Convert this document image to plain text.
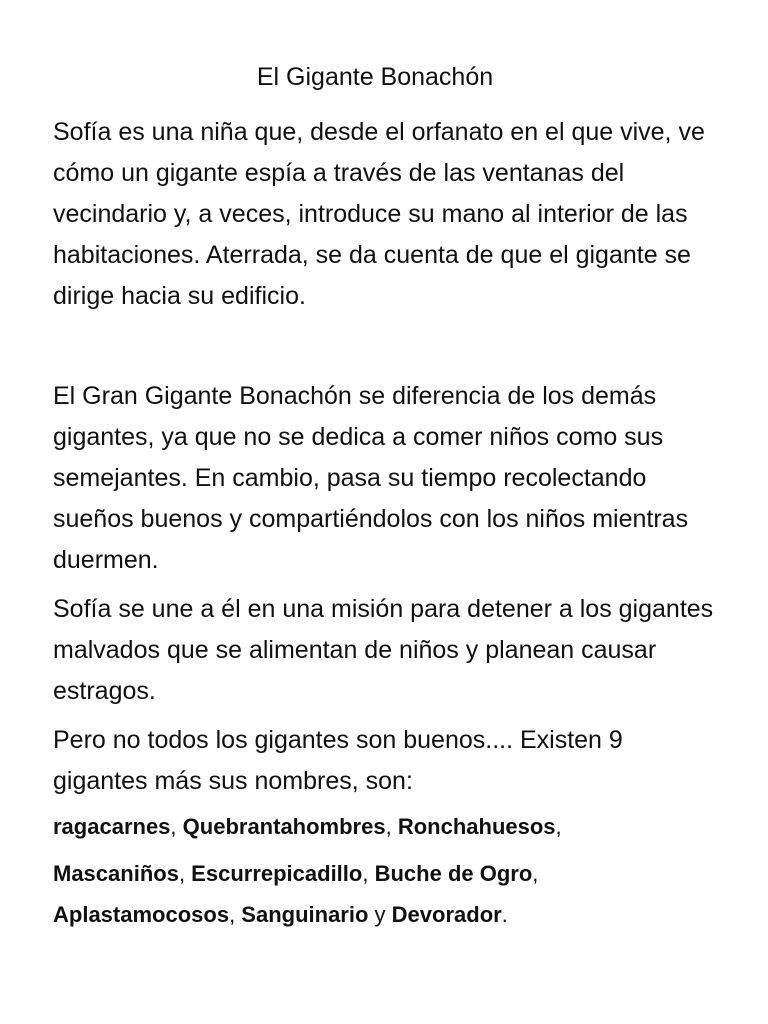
El Gigante Bonachón

Sofía es una niña que, desde el orfanato en el que vive, ve cómo un gigante espía a través de las ventanas del vecindario y, a veces, introduce su mano al interior de las habitaciones. Aterrada, se da cuenta de que el gigante se dirige hacia su edificio.

El Gran Gigante Bonachón se diferencia de los demás gigantes, ya que no se dedica a comer niños como sus semejantes. En cambio, pasa su tiempo recolectando sueños buenos y compartiéndolos con los niños mientras duermen.

Sofía se une a él en una misión para detener a los gigantes malvados que se alimentan de niños y planean causar estragos.

Pero no todos los gigantes son buenos.... Existen 9 gigantes más sus nombres, son:

ragacarnes, Quebrantahombres, Ronchahuesos,

Mascaniños, Escurrepicadillo, Buche de Ogro, Aplastamocosos, Sanguinario y Devorador.
